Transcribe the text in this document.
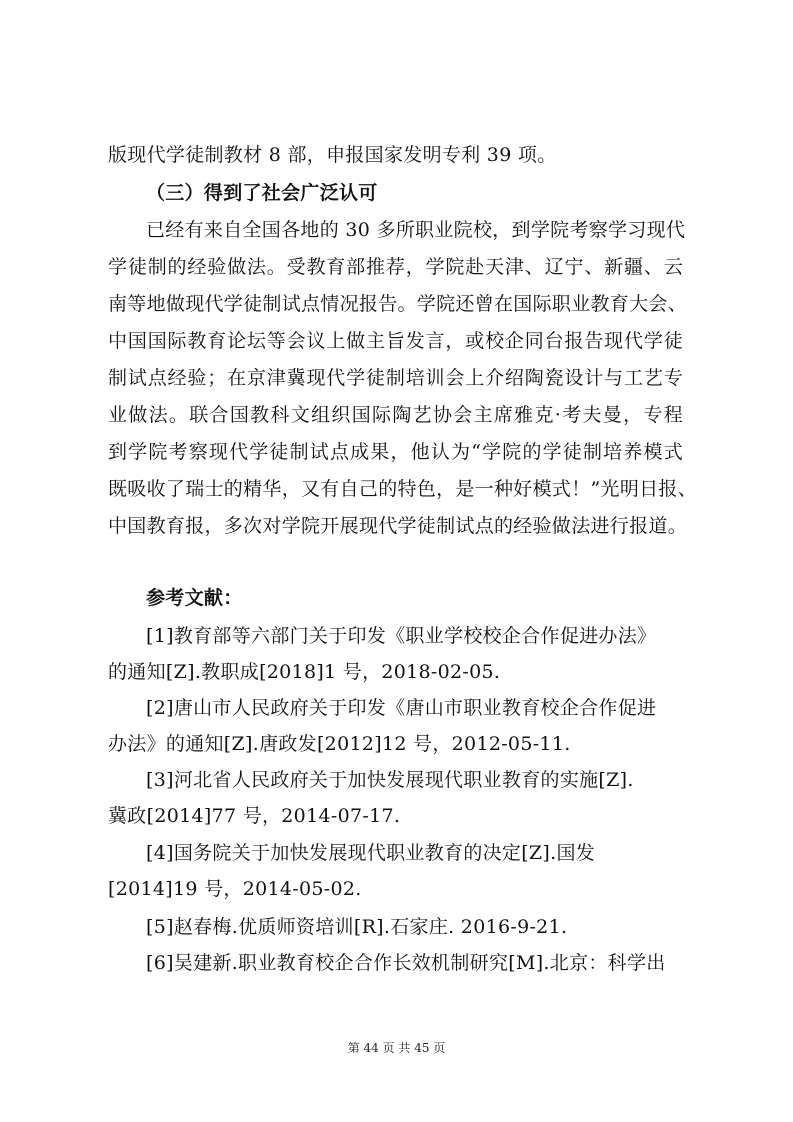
版现代学徒制教材 8 部，申报国家发明专利 39 项。
（三）得到了社会广泛认可
已经有来自全国各地的 30 多所职业院校，到学院考察学习现代
学徒制的经验做法。受教育部推荐，学院赴天津、辽宁、新疆、云
南等地做现代学徒制试点情况报告。学院还曾在国际职业教育大会、
中国国际教育论坛等会议上做主旨发言，或校企同台报告现代学徒
制试点经验；在京津冀现代学徒制培训会上介绍陶瓷设计与工艺专
业做法。联合国教科文组织国际陶艺协会主席雅克·考夫曼，专程
到学院考察现代学徒制试点成果，他认为“学院的学徒制培养模式
既吸收了瑞士的精华，又有自己的特色，是一种好模式！”光明日报、
中国教育报，多次对学院开展现代学徒制试点的经验做法进行报道。
参考文献：
[1]教育部等六部门关于印发《职业学校校企合作促进办法》
的通知[Z].教职成[2018]1 号，2018-02-05.
[2]唐山市人民政府关于印发《唐山市职业教育校企合作促进
办法》的通知[Z].唐政发[2012]12 号，2012-05-11.
[3]河北省人民政府关于加快发展现代职业教育的实施[Z].
冀政[2014]77 号，2014-07-17.
[4]国务院关于加快发展现代职业教育的决定[Z].国发
[2014]19 号，2014-05-02.
[5]赵春梅.优质师资培训[R].石家庄. 2016-9-21.
[6]吴建新.职业教育校企合作长效机制研究[M].北京：科学出
第 44 页 共 45 页
